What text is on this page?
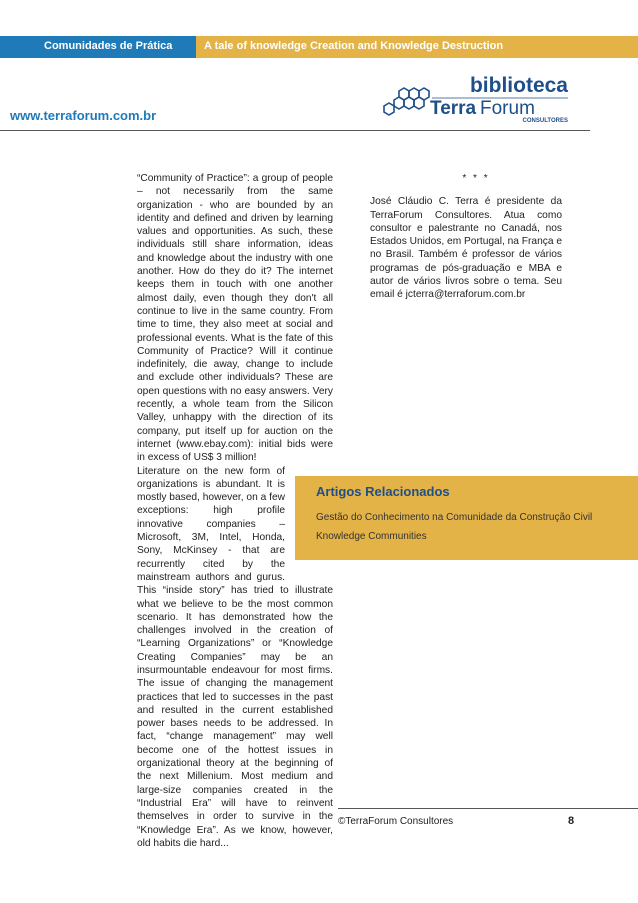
Comunidades de Prática	A tale of knowledge Creation and Knowledge Destruction
www.terraforum.com.br
biblioteca
Terra Forum
CONSULTORES

“Community of Practice”: a group of people – not necessarily from the same organization - who are bounded by an identity and defined and driven by learning values and opportunities. As such, these individuals still share information, ideas and knowledge about the industry with one another. How do they do it? The internet keeps them in touch with one another almost daily, even though they don't all continue to live in the same country. From time to time, they also meet at social and professional events. What is the fate of this Community of Practice? Will it continue indefinitely, die away, change to include and exclude other individuals? These are open questions with no easy answers. Very recently, a whole team from the Silicon Valley, unhappy with the direction of its company, put itself up for auction on the internet (www.ebay.com): initial bids were in excess of US$ 3 million!

Literature on the new form of organizations is abundant. It is mostly based, however, on a few exceptions: high profile innovative companies – Microsoft, 3M, Intel, Honda, Sony, McKinsey - that are recurrently cited by the mainstream authors and gurus. This “inside story” has tried to illustrate what we believe to be the most common scenario. It has demonstrated how the challenges involved in the creation of “Learning Organizations” or “Knowledge Creating Companies” may be an insurmountable endeavour for most firms. The issue of changing the management practices that led to successes in the past and resulted in the current established power bases needs to be addressed. In fact, “change management” may well become one of the hottest issues in organizational theory at the beginning of the next Millenium. Most medium and large-size companies created in the “Industrial Era” will have to reinvent themselves in order to survive in the “Knowledge Era”. As we know, however, old habits die hard...

* * *

José Cláudio C. Terra é presidente da TerraForum Consultores. Atua como consultor e palestrante no Canadá, nos Estados Unidos, em Portugal, na França e no Brasil. Também é professor de vários programas de pós-graduação e MBA e autor de vários livros sobre o tema. Seu email é jcterra@terraforum.com.br

Artigos Relacionados
Gestão do Conhecimento na Comunidade da Construção Civil
Knowledge Communities
©TerraForum Consultores	8
